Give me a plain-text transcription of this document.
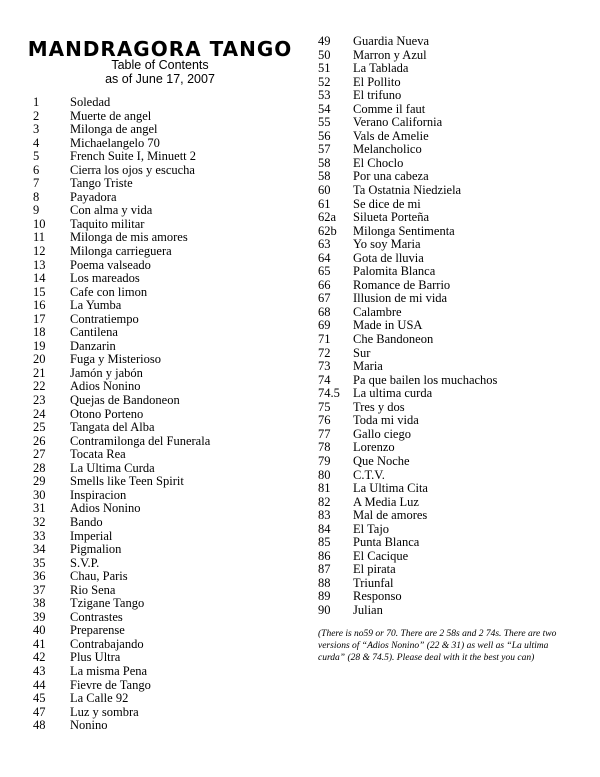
MANDRAGORA TANGO
Table of Contents
as of June 17, 2007
1 Soledad
2 Muerte de angel
3 Milonga de angel
4 Michaelangelo 70
5 French Suite I, Minuett 2
6 Cierra los ojos y escucha
7 Tango Triste
8 Payadora
9 Con alma y vida
10 Taquito militar
11 Milonga de mis amores
12 Milonga carrieguera
13 Poema valseado
14 Los mareados
15 Cafe con limon
16 La Yumba
17 Contratiempo
18 Cantilena
19 Danzarin
20 Fuga y Misterioso
21 Jamón y jabón
22 Adios Nonino
23 Quejas de Bandoneon
24 Otono Porteno
25 Tangata del Alba
26 Contramilonga del Funerala
27 Tocata Rea
28 La Ultima Curda
29 Smells like Teen Spirit
30 Inspiracion
31 Adios Nonino
32 Bando
33 Imperial
34 Pigmalion
35 S.V.P.
36 Chau, Paris
37 Rio Sena
38 Tzigane Tango
39 Contrastes
40 Preparense
41 Contrabajando
42 Plus Ultra
43 La misma Pena
44 Fievre de Tango
45 La Calle 92
47 Luz y sombra
48 Nonino
49 Guardia Nueva
50 Marron y Azul
51 La Tablada
52 El Pollito
53 El trifuno
54 Comme il faut
55 Verano California
56 Vals de Amelie
57 Melancholico
58 El Choclo
58 Por una cabeza
60 Ta Ostatnia Niedziela
61 Se dice de mi
62a Silueta Porteña
62b Milonga Sentimenta
63 Yo soy Maria
64 Gota de lluvia
65 Palomita Blanca
66 Romance de Barrio
67 Illusion de mi vida
68 Calambre
69 Made in USA
71 Che Bandoneon
72 Sur
73 Maria
74 Pa que bailen los muchachos
74.5 La ultima curda
75 Tres y dos
76 Toda mi vida
77 Gallo ciego
78 Lorenzo
79 Que Noche
80 C.T.V.
81 La Ultima Cita
82 A Media Luz
83 Mal de amores
84 El Tajo
85 Punta Blanca
86 El Cacique
87 El pirata
88 Triunfal
89 Responso
90 Julian
(There is no59 or 70. There are 2 58s and 2 74s. There are two versions of “Adios Nonino” (22 & 31) as well as “La ultima curda” (28 & 74.5). Please deal with it the best you can)
